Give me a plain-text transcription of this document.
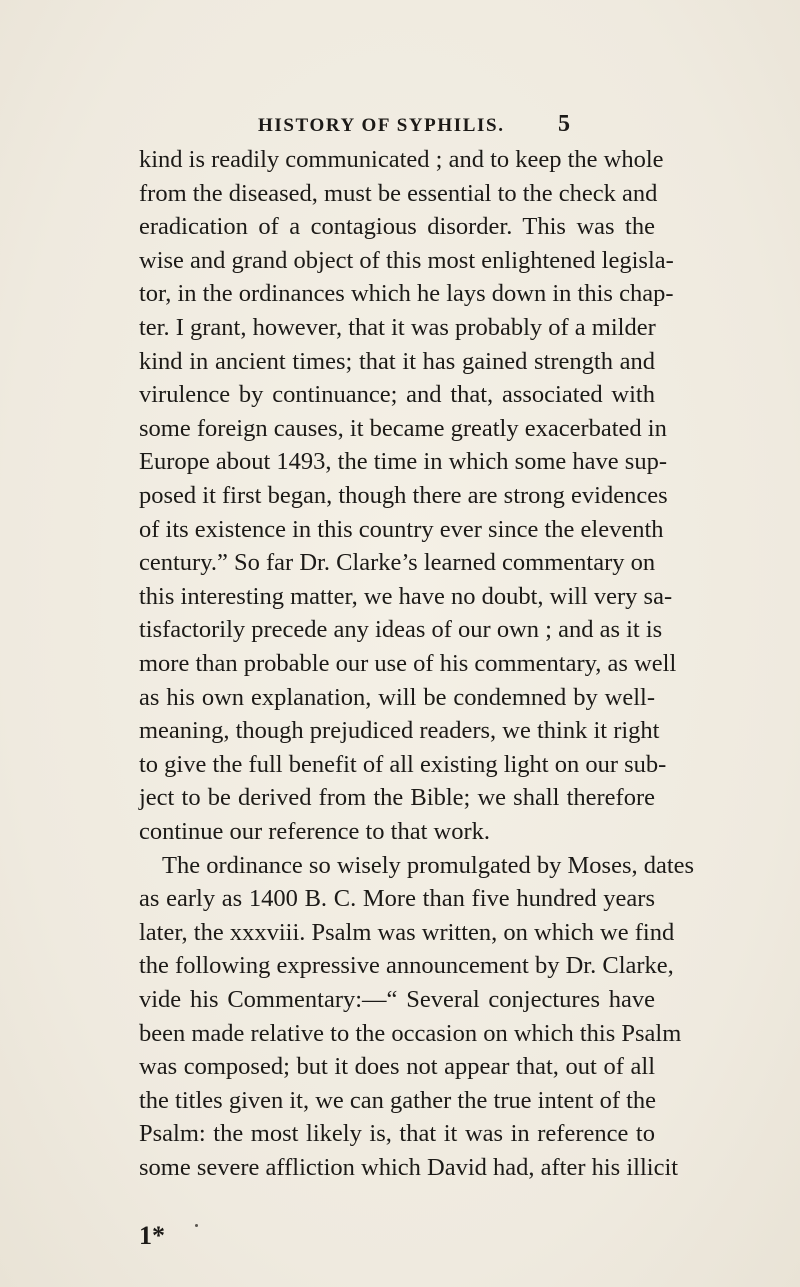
HISTORY OF SYPHILIS. 5
kind is readily communicated ; and to keep the whole
from the diseased, must be essential to the check and
eradication of a contagious disorder. This was the
wise and grand object of this most enlightened legisla-
tor, in the ordinances which he lays down in this chap-
ter. I grant, however, that it was probably of a milder
kind in ancient times; that it has gained strength and
virulence by continuance; and that, associated with
some foreign causes, it became greatly exacerbated in
Europe about 1493, the time in which some have sup-
posed it first began, though there are strong evidences
of its existence in this country ever since the eleventh
century.” So far Dr. Clarke’s learned commentary on
this interesting matter, we have no doubt, will very sa-
tisfactorily precede any ideas of our own ; and as it is
more than probable our use of his commentary, as well
as his own explanation, will be condemned by well-
meaning, though prejudiced readers, we think it right
to give the full benefit of all existing light on our sub-
ject to be derived from the Bible; we shall therefore
continue our reference to that work.
The ordinance so wisely promulgated by Moses, dates
as early as 1400 B. C. More than five hundred years
later, the xxxviii. Psalm was written, on which we find
the following expressive announcement by Dr. Clarke,
vide his Commentary:—“ Several conjectures have
been made relative to the occasion on which this Psalm
was composed; but it does not appear that, out of all
the titles given it, we can gather the true intent of the
Psalm: the most likely is, that it was in reference to
some severe affliction which David had, after his illicit
1*
